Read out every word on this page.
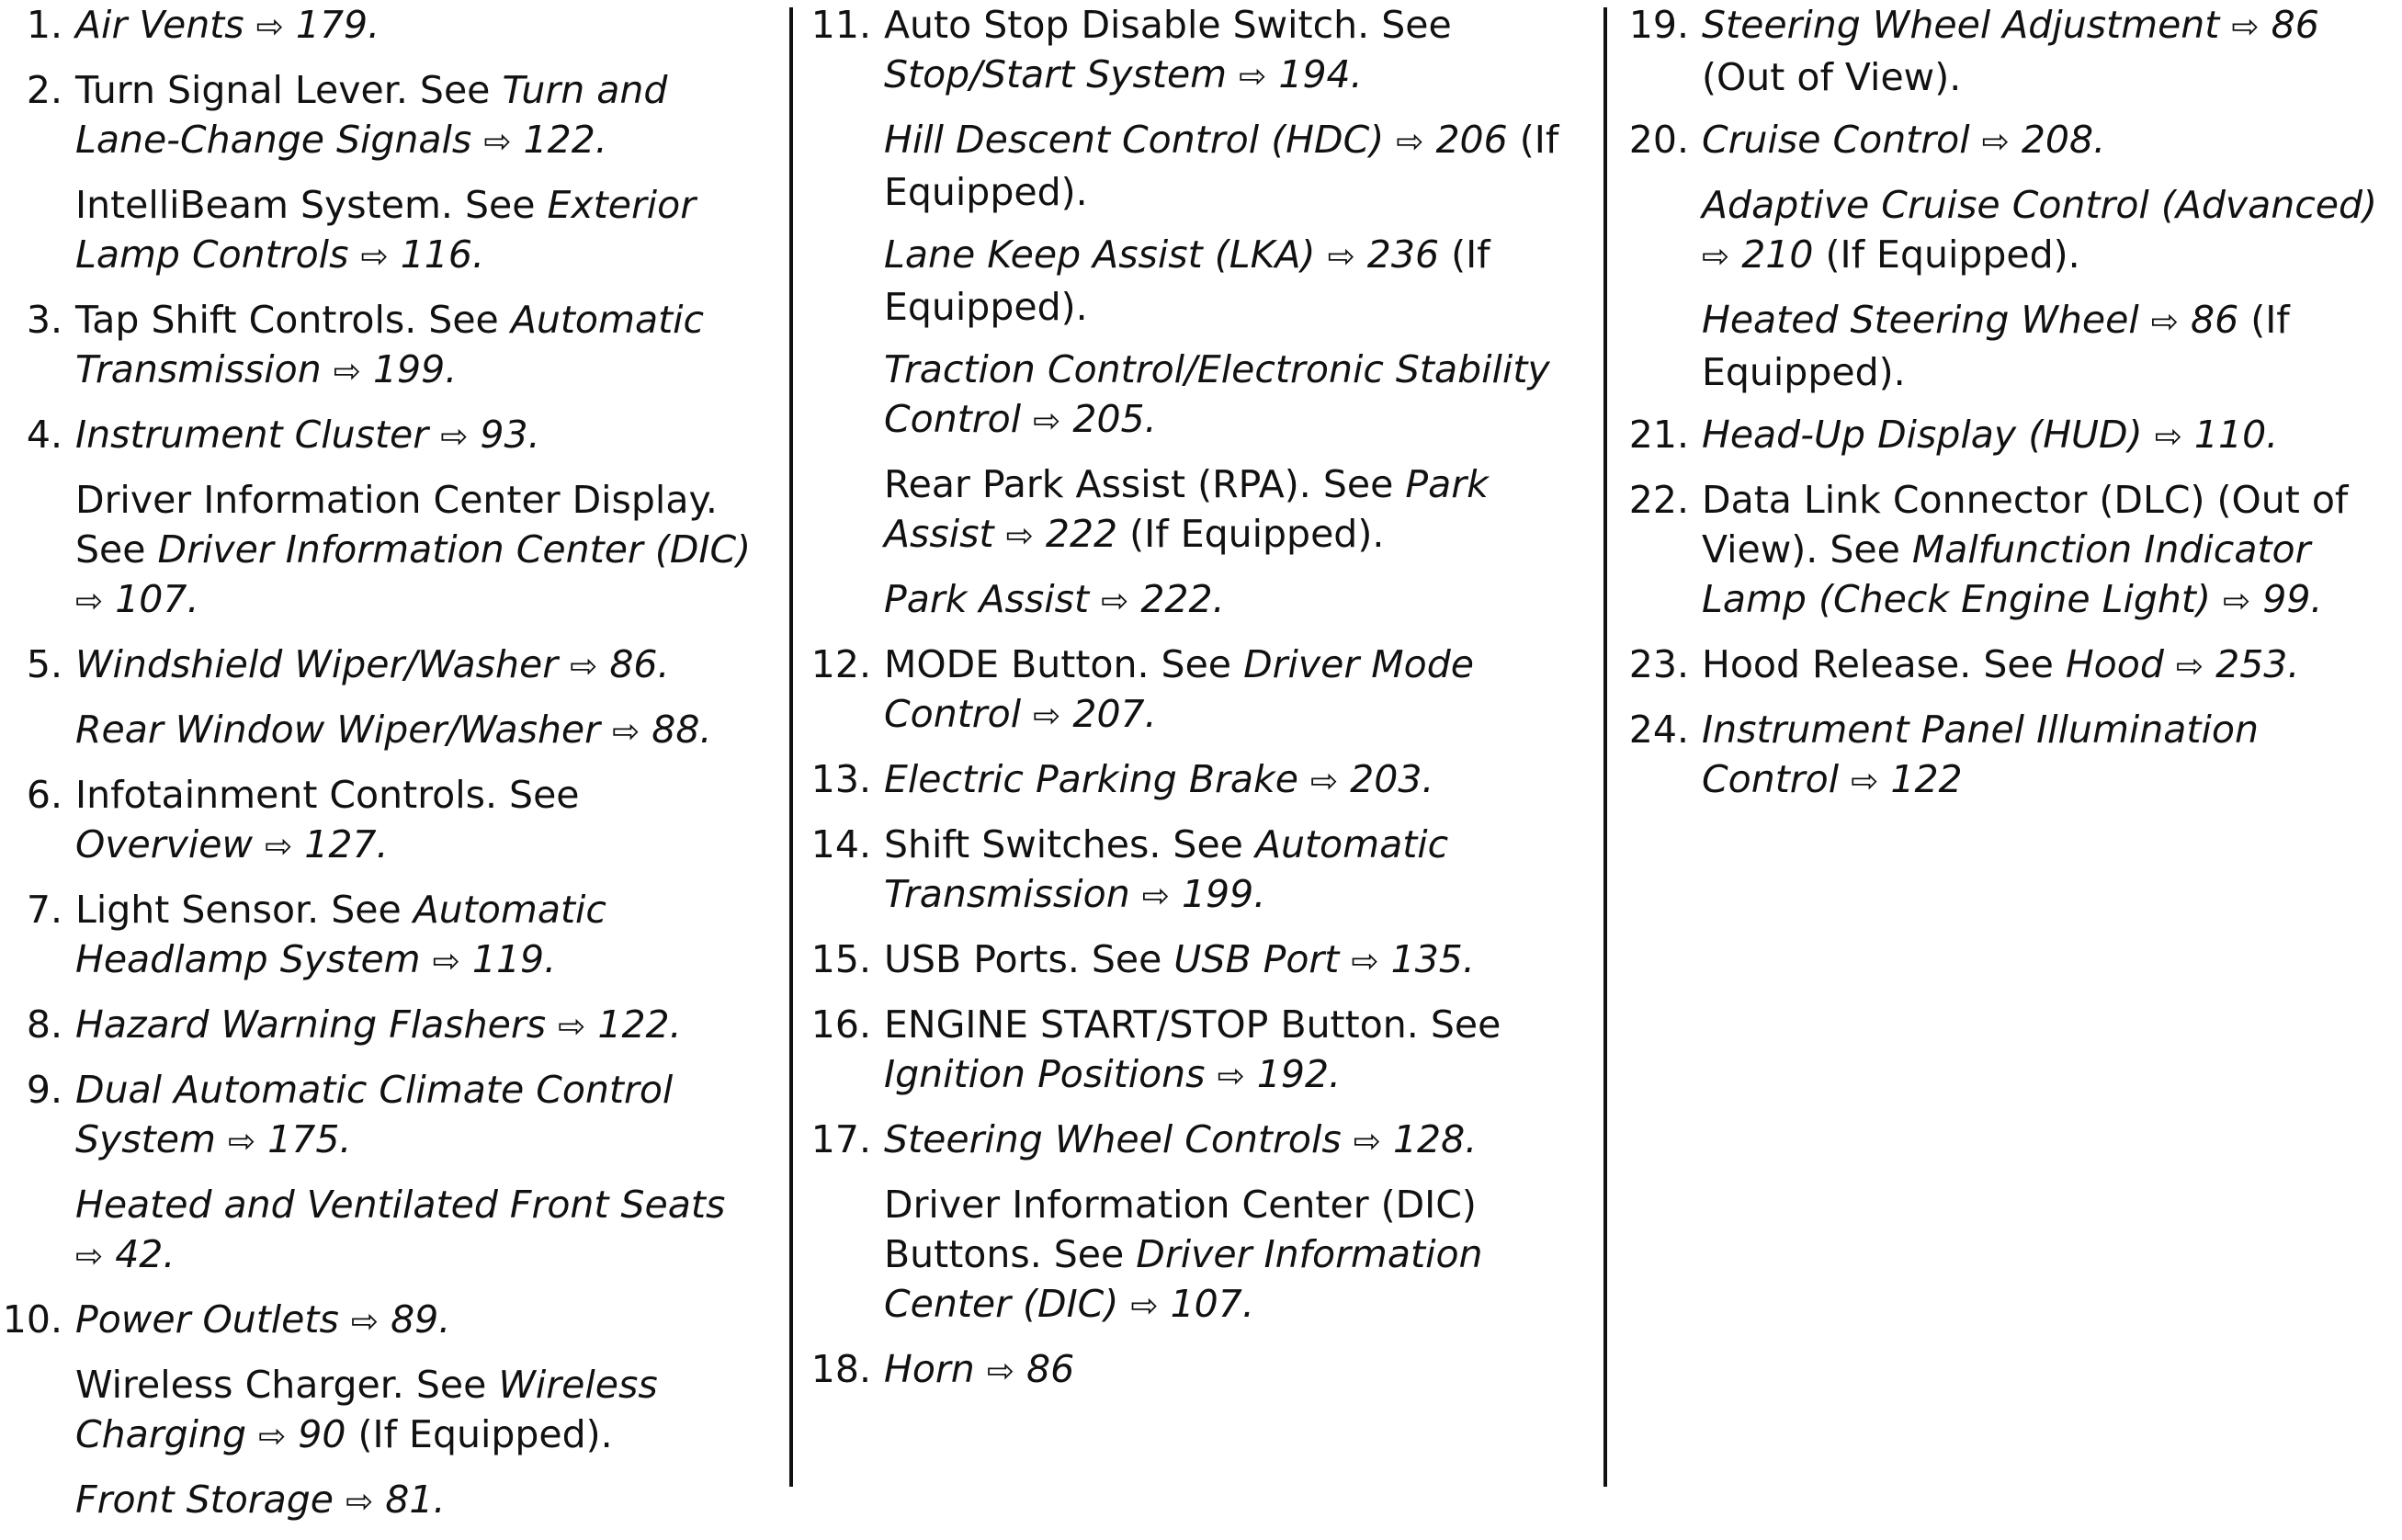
1. Air Vents ⇨ 179.
2. Turn Signal Lever. See Turn and Lane-Change Signals ⇨ 122.
IntelliBeam System. See Exterior Lamp Controls ⇨ 116.
3. Tap Shift Controls. See Automatic Transmission ⇨ 199.
4. Instrument Cluster ⇨ 93.
Driver Information Center Display. See Driver Information Center (DIC) ⇨ 107.
5. Windshield Wiper/Washer ⇨ 86.
Rear Window Wiper/Washer ⇨ 88.
6. Infotainment Controls. See Overview ⇨ 127.
7. Light Sensor. See Automatic Headlamp System ⇨ 119.
8. Hazard Warning Flashers ⇨ 122.
9. Dual Automatic Climate Control System ⇨ 175.
Heated and Ventilated Front Seats ⇨ 42.
10. Power Outlets ⇨ 89.
Wireless Charger. See Wireless Charging ⇨ 90 (If Equipped).
Front Storage ⇨ 81.
11. Auto Stop Disable Switch. See Stop/Start System ⇨ 194.
Hill Descent Control (HDC) ⇨ 206 (If Equipped).
Lane Keep Assist (LKA) ⇨ 236 (If Equipped).
Traction Control/Electronic Stability Control ⇨ 205.
Rear Park Assist (RPA). See Park Assist ⇨ 222 (If Equipped).
Park Assist ⇨ 222.
12. MODE Button. See Driver Mode Control ⇨ 207.
13. Electric Parking Brake ⇨ 203.
14. Shift Switches. See Automatic Transmission ⇨ 199.
15. USB Ports. See USB Port ⇨ 135.
16. ENGINE START/STOP Button. See Ignition Positions ⇨ 192.
17. Steering Wheel Controls ⇨ 128.
Driver Information Center (DIC) Buttons. See Driver Information Center (DIC) ⇨ 107.
18. Horn ⇨ 86
19. Steering Wheel Adjustment ⇨ 86 (Out of View).
20. Cruise Control ⇨ 208.
Adaptive Cruise Control (Advanced) ⇨ 210 (If Equipped).
Heated Steering Wheel ⇨ 86 (If Equipped).
21. Head-Up Display (HUD) ⇨ 110.
22. Data Link Connector (DLC) (Out of View). See Malfunction Indicator Lamp (Check Engine Light) ⇨ 99.
23. Hood Release. See Hood ⇨ 253.
24. Instrument Panel Illumination Control ⇨ 122
